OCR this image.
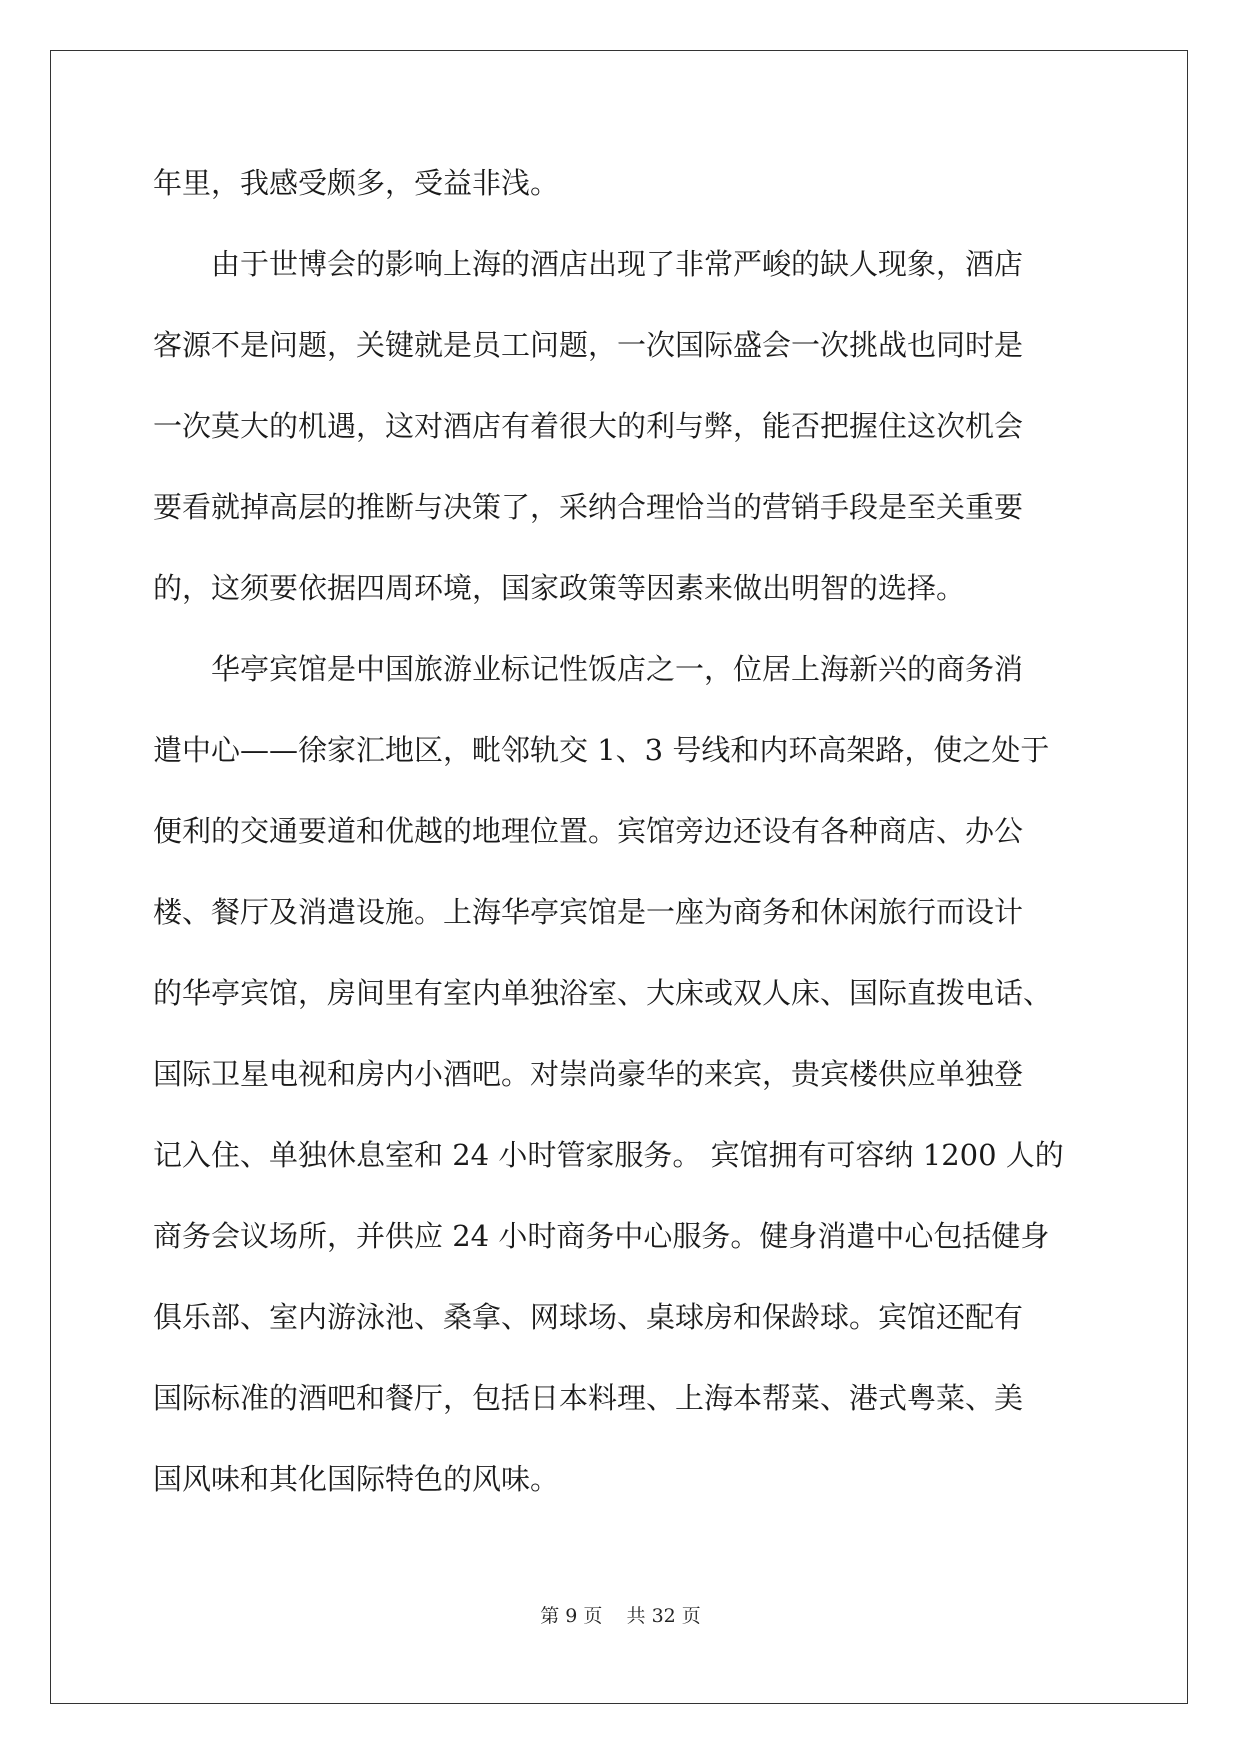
年里，我感受颇多，受益非浅。
　　由于世博会的影响上海的酒店出现了非常严峻的缺人现象，酒店
客源不是问题，关键就是员工问题，一次国际盛会一次挑战也同时是
一次莫大的机遇，这对酒店有着很大的利与弊，能否把握住这次机会
要看就掉高层的推断与决策了，采纳合理恰当的营销手段是至关重要
的，这须要依据四周环境，国家政策等因素来做出明智的选择。
　　华亭宾馆是中国旅游业标记性饭店之一，位居上海新兴的商务消
遣中心——徐家汇地区，毗邻轨交 1、3 号线和内环高架路，使之处于
便利的交通要道和优越的地理位置。宾馆旁边还设有各种商店、办公
楼、餐厅及消遣设施。上海华亭宾馆是一座为商务和休闲旅行而设计
的华亭宾馆，房间里有室内单独浴室、大床或双人床、国际直拨电话、
国际卫星电视和房内小酒吧。对崇尚豪华的来宾，贵宾楼供应单独登
记入住、单独休息室和 24 小时管家服务。 宾馆拥有可容纳 1200 人的
商务会议场所，并供应 24 小时商务中心服务。健身消遣中心包括健身
俱乐部、室内游泳池、桑拿、网球场、桌球房和保龄球。宾馆还配有
国际标准的酒吧和餐厅，包括日本料理、上海本帮菜、港式粤菜、美
国风味和其化国际特色的风味。
第 9 页    共 32 页
